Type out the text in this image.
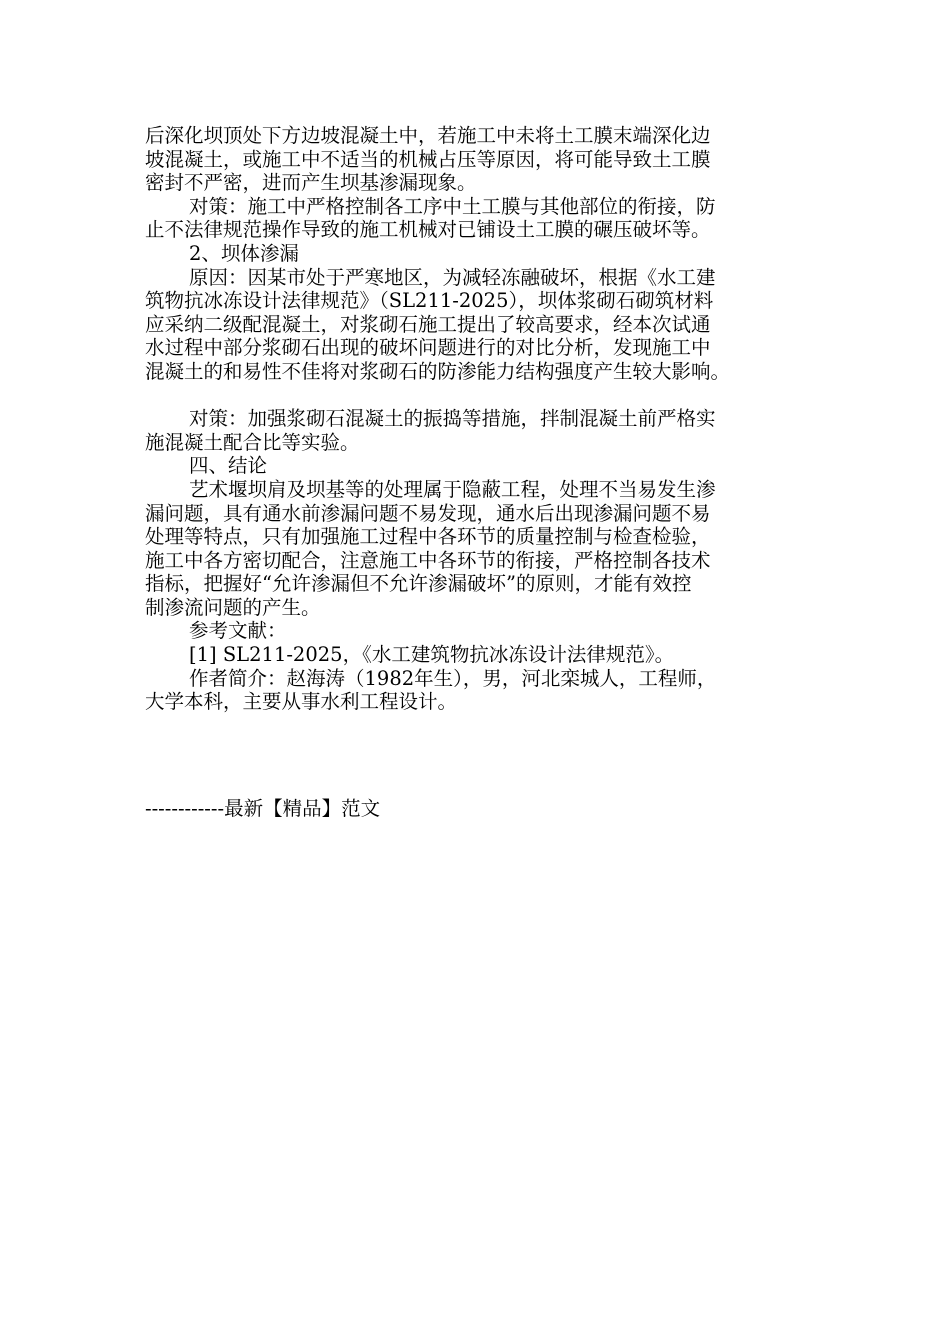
后深化坝顶处下方边坡混凝土中，若施工中未将土工膜末端深化边

坡混凝土，或施工中不适当的机械占压等原因，将可能导致土工膜

密封不严密，进而产生坝基渗漏现象。

对策：施工中严格控制各工序中土工膜与其他部位的衔接，防

止不法律规范操作导致的施工机械对已铺设土工膜的碾压破坏等。

2、坝体渗漏

原因：因某市处于严寒地区，为减轻冻融破坏，根据《水工建

筑物抗冰冻设计法律规范》（SL211-2025），坝体浆砌石砌筑材料

应采纳二级配混凝土，对浆砌石施工提出了较高要求，经本次试通

水过程中部分浆砌石出现的破坏问题进行的对比分析，发现施工中

混凝土的和易性不佳将对浆砌石的防渗能力结构强度产生较大影响。

对策：加强浆砌石混凝土的振捣等措施，拌制混凝土前严格实

施混凝土配合比等实验。

四、结论

艺术堰坝肩及坝基等的处理属于隐蔽工程，处理不当易发生渗

漏问题，具有通水前渗漏问题不易发现，通水后出现渗漏问题不易

处理等特点，只有加强施工过程中各环节的质量控制与检查检验，

施工中各方密切配合，注意施工中各环节的衔接，严格控制各技术

指标，把握好“允许渗漏但不允许渗漏破坏”的原则，才能有效控

制渗流问题的产生。

参考文献：

[1] SL211-2025，《水工建筑物抗冰冻设计法律规范》。

作者简介：赵海涛（1982年生），男，河北栾城人，工程师，

大学本科，主要从事水利工程设计。

------------最新【精品】范文
